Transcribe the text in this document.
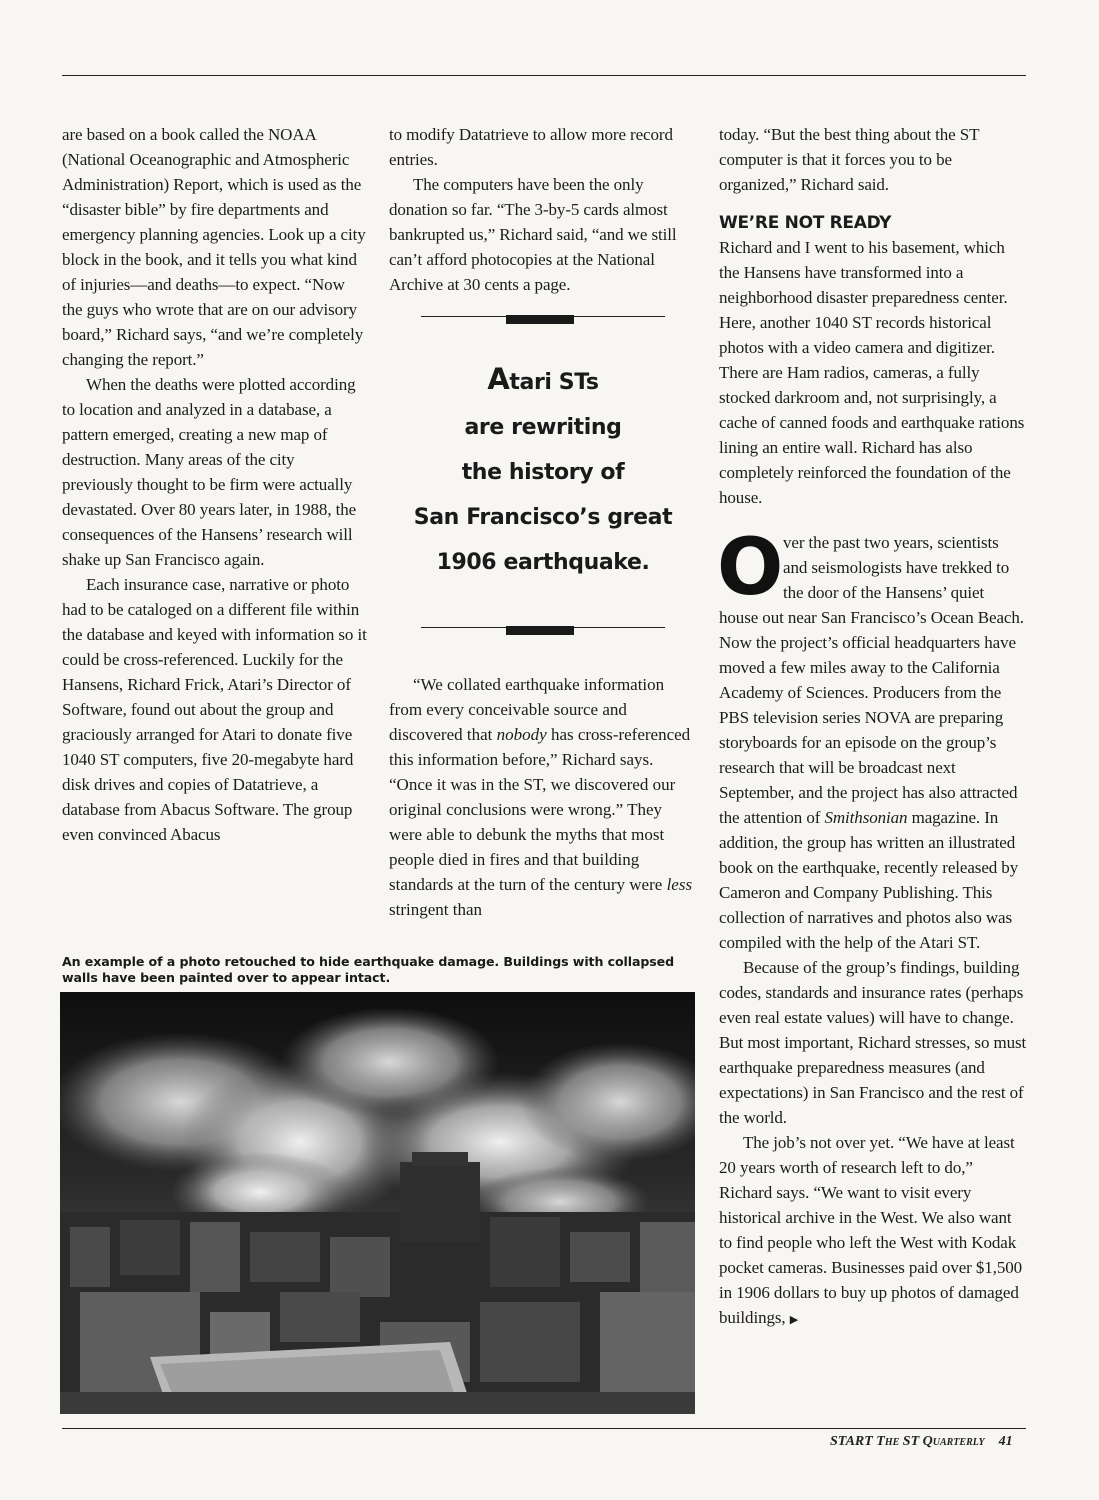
are based on a book called the NOAA (National Oceanographic and Atmospheric Administration) Report, which is used as the “disaster bible” by fire departments and emergency planning agencies. Look up a city block in the book, and it tells you what kind of injuries—and deaths—to expect. “Now the guys who wrote that are on our advisory board,” Richard says, “and we’re completely changing the report.”

When the deaths were plotted according to location and analyzed in a database, a pattern emerged, creating a new map of destruction. Many areas of the city previously thought to be firm were actually devastated. Over 80 years later, in 1988, the consequences of the Hansens’ research will shake up San Francisco again.

Each insurance case, narrative or photo had to be cataloged on a different file within the database and keyed with information so it could be cross-referenced. Luckily for the Hansens, Richard Frick, Atari’s Director of Software, found out about the group and graciously arranged for Atari to donate five 1040 ST computers, five 20-megabyte hard disk drives and copies of Datatrieve, a database from Abacus Software. The group even convinced Abacus

to modify Datatrieve to allow more record entries.

The computers have been the only donation so far. “The 3-by-5 cards almost bankrupted us,” Richard said, “and we still can’t afford photocopies at the National Archive at 30 cents a page.

Atari STs
are rewriting
the history of
San Francisco’s great
1906 earthquake.

“We collated earthquake information from every conceivable source and discovered that nobody has cross-referenced this information before,” Richard says. “Once it was in the ST, we discovered our original conclusions were wrong.” They were able to debunk the myths that most people died in fires and that building standards at the turn of the century were less stringent than

today. “But the best thing about the ST computer is that it forces you to be organized,” Richard said.

WE’RE NOT READY

Richard and I went to his basement, which the Hansens have transformed into a neighborhood disaster preparedness center. Here, another 1040 ST records historical photos with a video camera and digitizer. There are Ham radios, cameras, a fully stocked darkroom and, not surprisingly, a cache of canned foods and earthquake rations lining an entire wall. Richard has also completely reinforced the foundation of the house.

O ver the past two years, scientists and seismologists have trekked to the door of the Hansens’ quiet house out near San Francisco’s Ocean Beach. Now the project’s official headquarters have moved a few miles away to the California Academy of Sciences. Producers from the PBS television series NOVA are preparing storyboards for an episode on the group’s research that will be broadcast next September, and the project has also attracted the attention of Smithsonian magazine. In addition, the group has written an illustrated book on the earthquake, recently released by Cameron and Company Publishing. This collection of narratives and photos also was compiled with the help of the Atari ST.

Because of the group’s findings, building codes, standards and insurance rates (perhaps even real estate values) will have to change. But most important, Richard stresses, so must earthquake preparedness measures (and expectations) in San Francisco and the rest of the world.

The job’s not over yet. “We have at least 20 years worth of research left to do,” Richard says. “We want to visit every historical archive in the West. We also want to find people who left the West with Kodak pocket cameras. Businesses paid over $1,500 in 1906 dollars to buy up photos of damaged buildings, ▶

An example of a photo retouched to hide earthquake damage. Buildings with collapsed walls have been painted over to appear intact.
START The ST Quarterly 41
